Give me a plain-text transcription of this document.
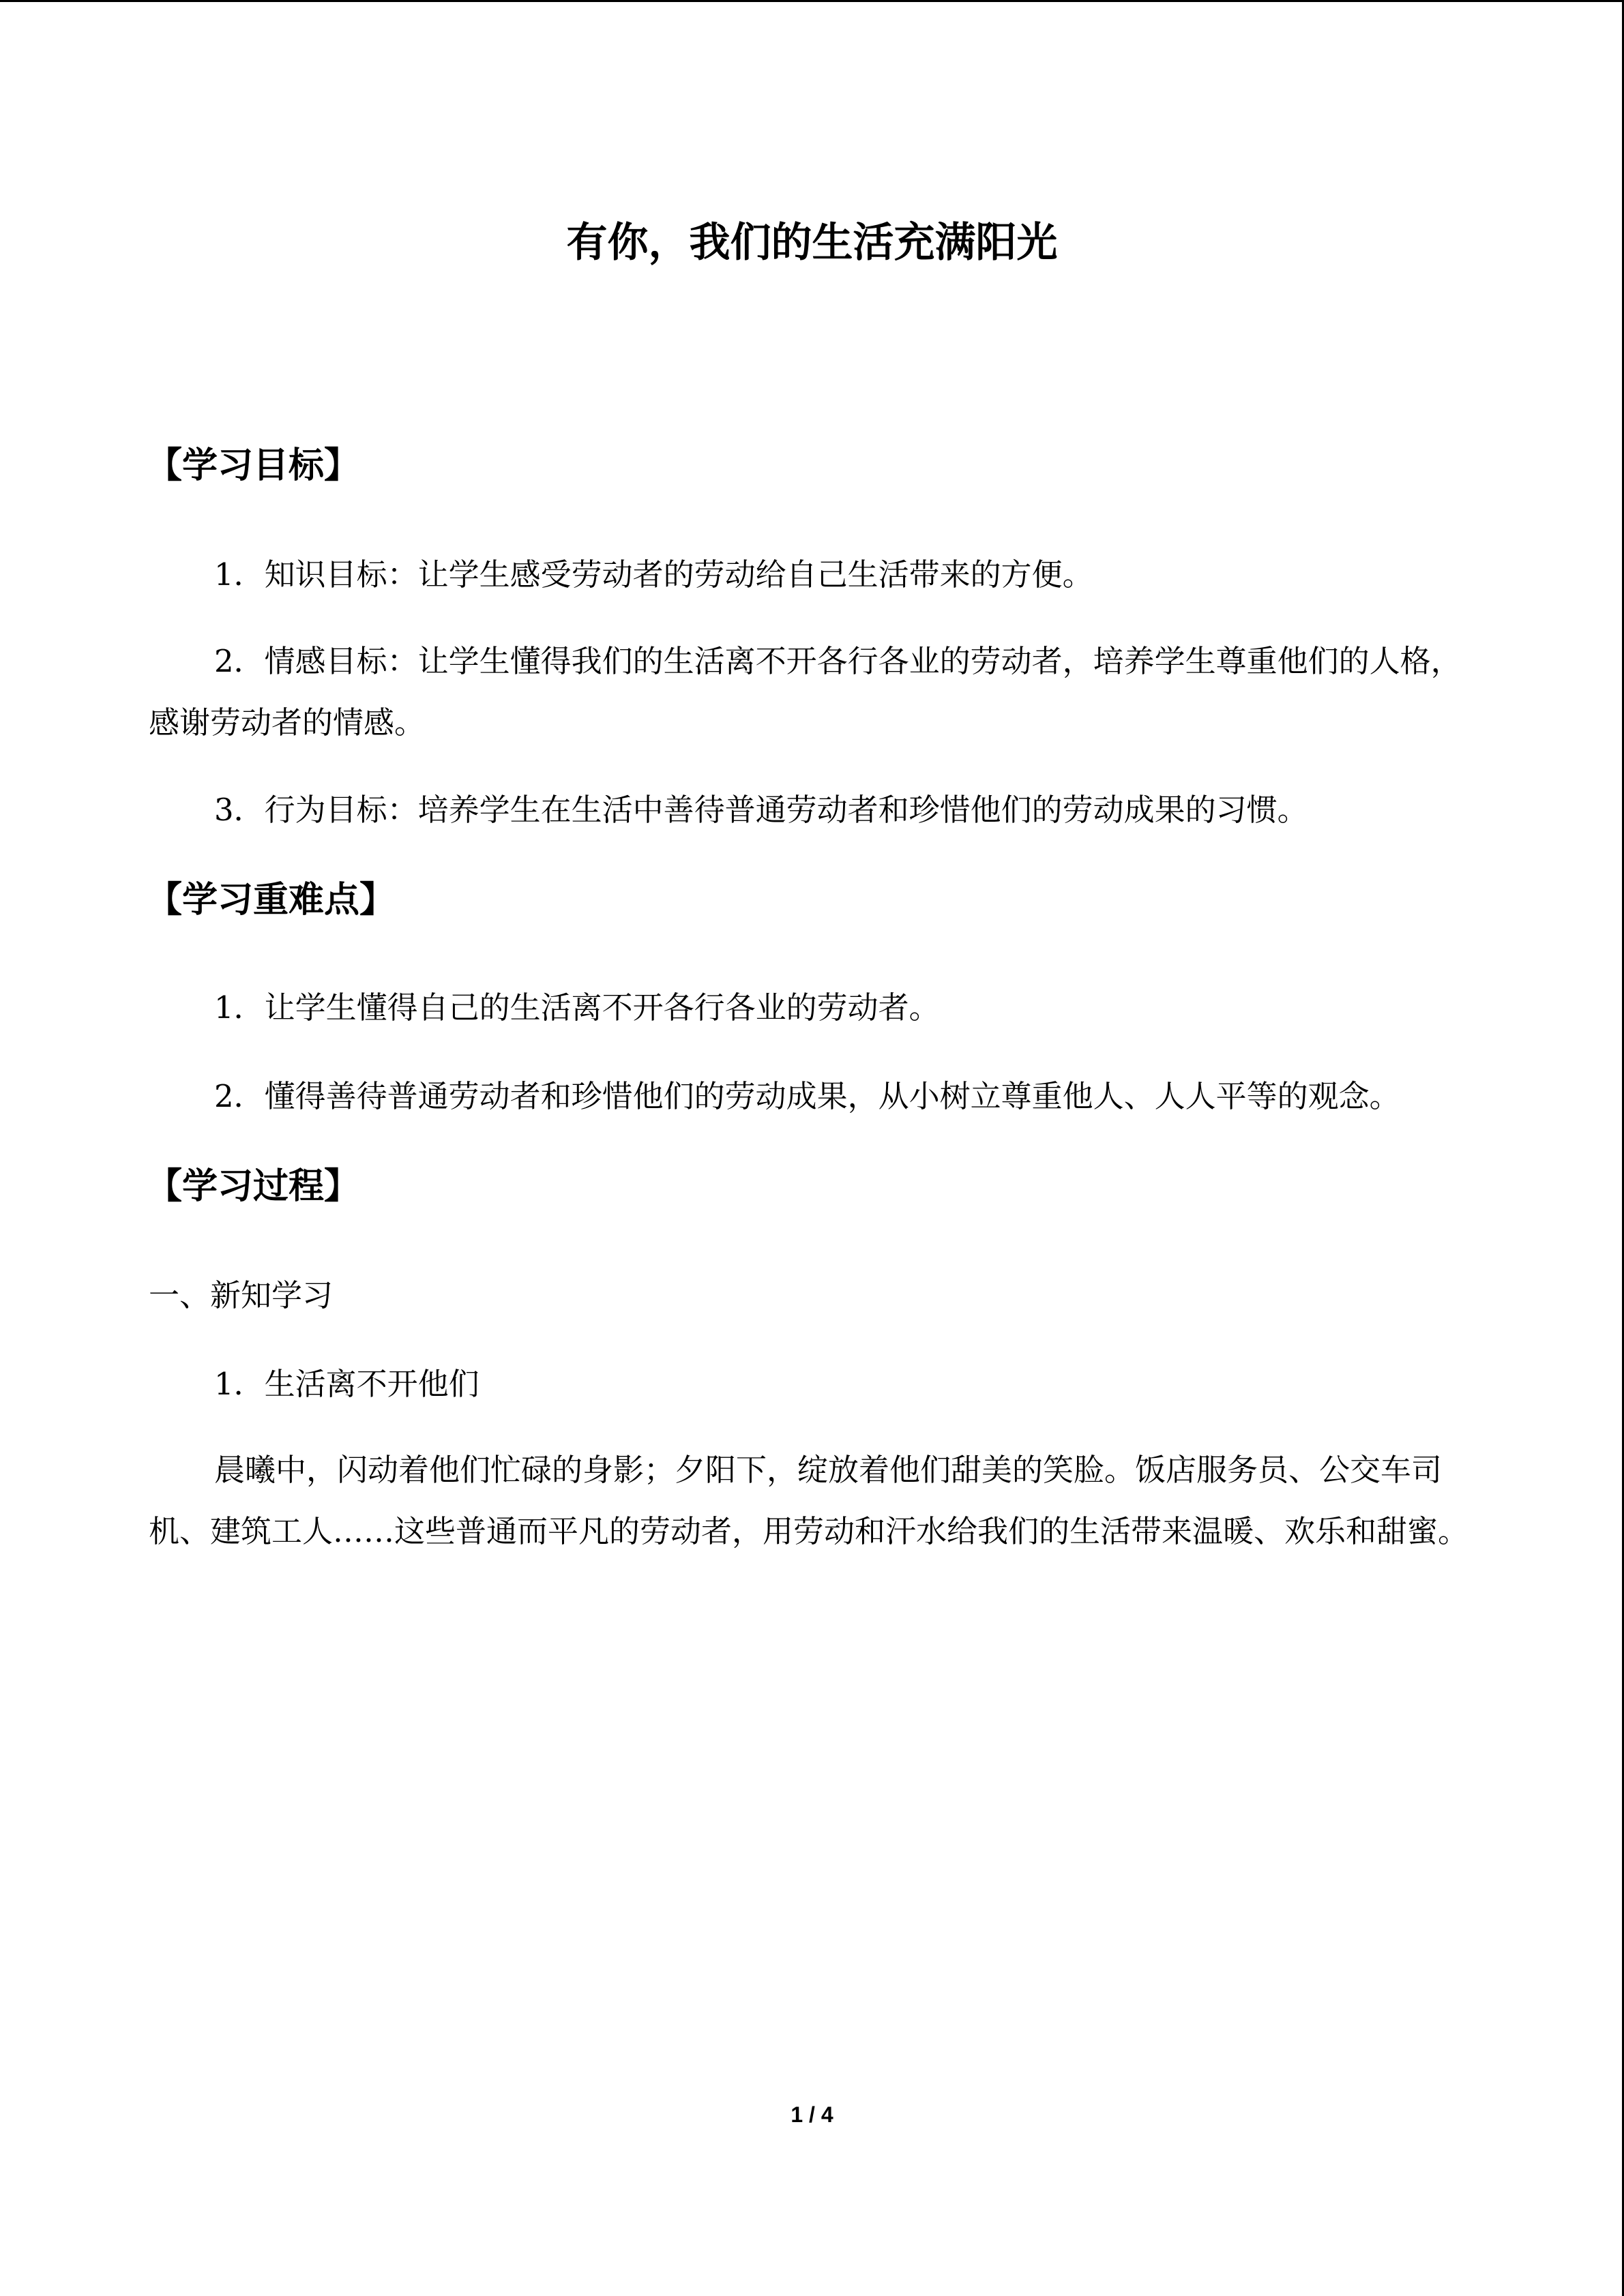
有你，我们的生活充满阳光
【学习目标】

1．知识目标：让学生感受劳动者的劳动给自己生活带来的方便。

2．情感目标：让学生懂得我们的生活离不开各行各业的劳动者，培养学生尊重他们的人格，感谢劳动者的情感。

3．行为目标：培养学生在生活中善待普通劳动者和珍惜他们的劳动成果的习惯。

【学习重难点】

1．让学生懂得自己的生活离不开各行各业的劳动者。

2．懂得善待普通劳动者和珍惜他们的劳动成果，从小树立尊重他人、人人平等的观念。

【学习过程】

一、新知学习

1．生活离不开他们

晨曦中，闪动着他们忙碌的身影；夕阳下，绽放着他们甜美的笑脸。饭店服务员、公交车司机、建筑工人……这些普通而平凡的劳动者，用劳动和汗水给我们的生活带来温暖、欢乐和甜蜜。

1 / 4
